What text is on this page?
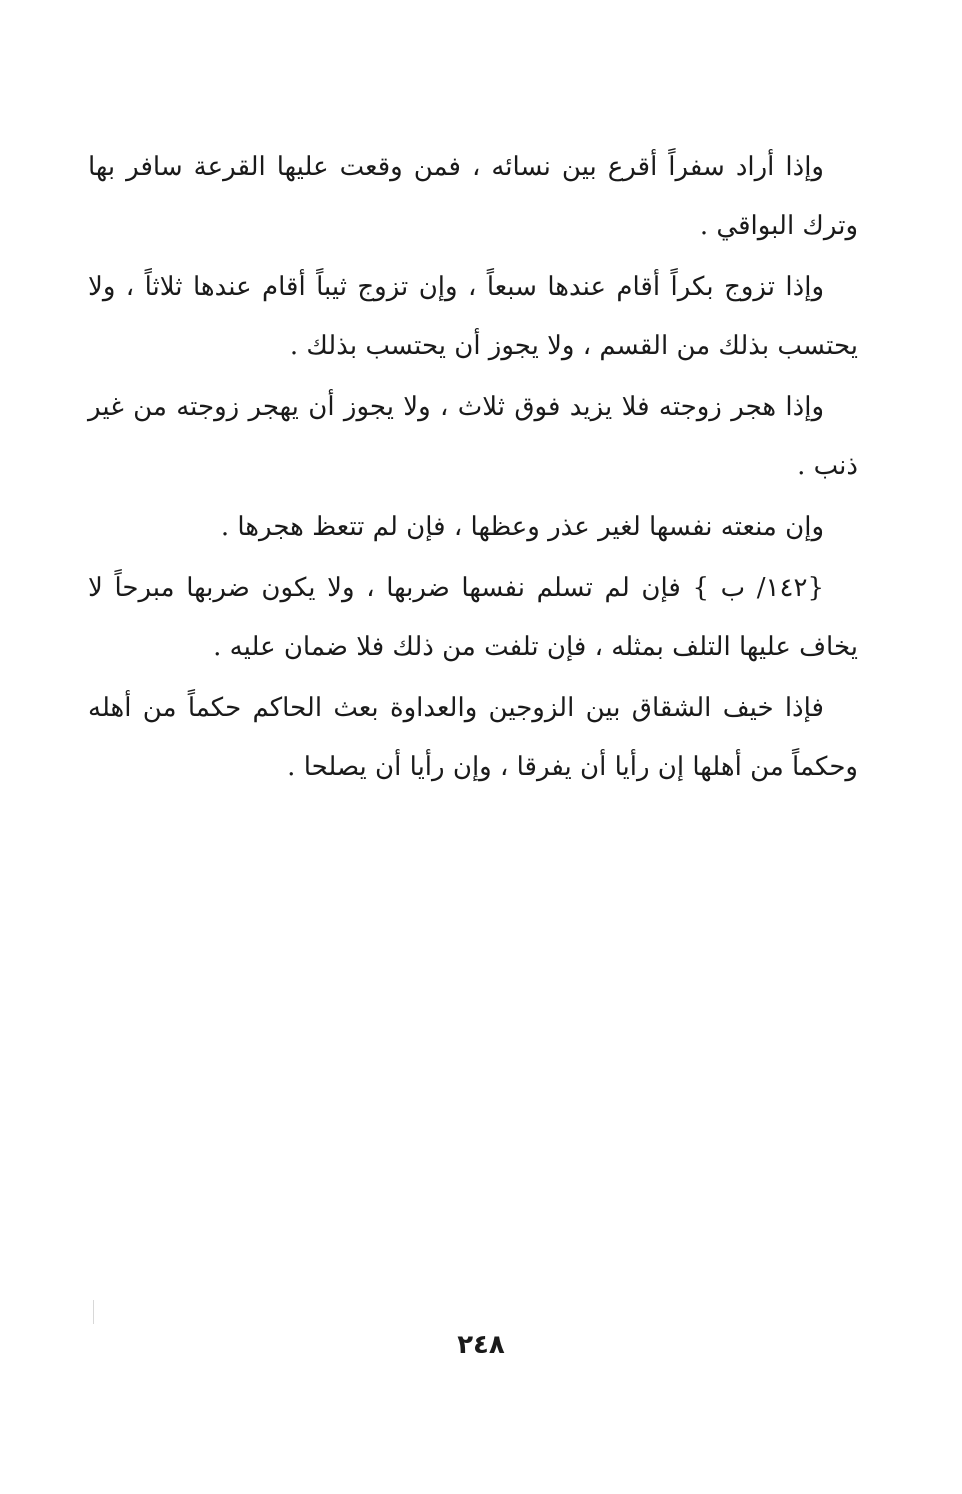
وإذا أراد سفراً أقرع بين نسائه ، فمن وقعت عليها القرعة سافر بها وترك البواقي .

وإذا تزوج بكراً أقام عندها سبعاً ، وإن تزوج ثيباً أقام عندها ثلاثاً ، ولا يحتسب بذلك من القسم ، ولا يجوز أن يحتسب بذلك .

وإذا هجر زوجته فلا يزيد فوق ثلاث ، ولا يجوز أن يهجر زوجته من غير ذنب .

وإن منعته نفسها لغير عذر وعظها ، فإن لم تتعظ هجرها .

{١٤٢/ ب } فإن لم تسلم نفسها ضربها ، ولا يكون ضربها مبرحاً لا يخاف عليها التلف بمثله ، فإن تلفت من ذلك فلا ضمان عليه .

فإذا خيف الشقاق بين الزوجين والعداوة بعث الحاكم حكماً من أهله وحكماً من أهلها إن رأيا أن يفرقا ، وإن رأيا أن يصلحا .

٢٤٨
